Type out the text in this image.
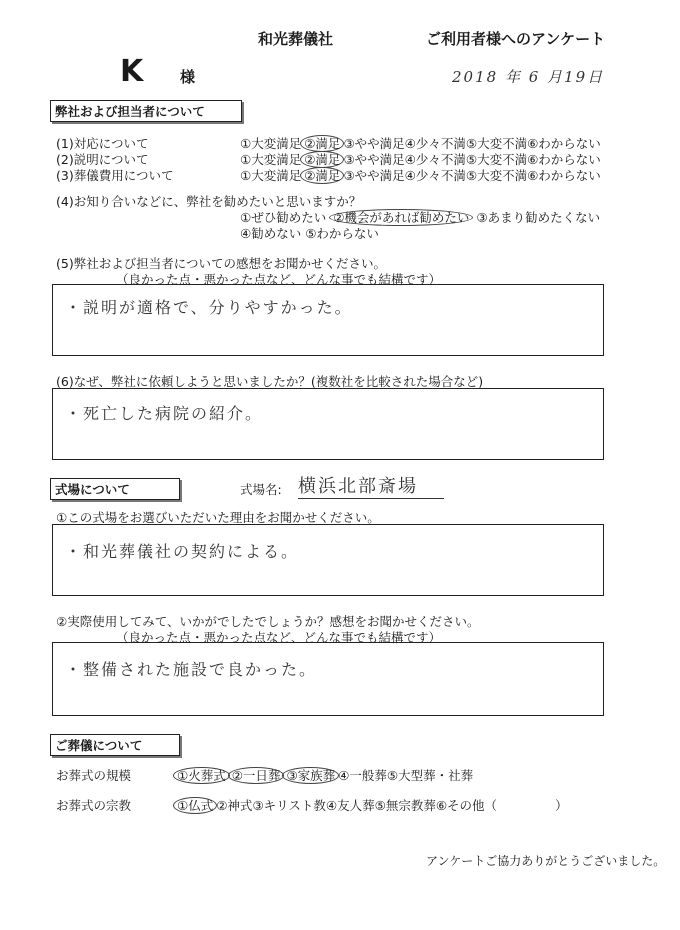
和光葬儀社	ご利用者様へのアンケート
K 様	2018 年 6 月19日
弊社および担当者について
(1)対応について	①大変満足 ②満足 ③やや満足④少々不満⑤大変不満⑥わからない
(2)説明について	①大変満足 ②満足 ③やや満足④少々不満⑤大変不満⑥わからない
(3)葬儀費用について	①大変満足 ②満足 ③やや満足④少々不満⑤大変不満⑥わからない
(4)お知り合いなどに、弊社を勧めたいと思いますか？
①ぜひ勧めたい ②機会があれば勧めたい ③あまり勧めたくない
④勧めない ⑤わからない
(5)弊社および担当者についての感想をお聞かせください。
（良かった点・悪かった点など、どんな事でも結構です）
・説明が適格で、分りやすかった。
(6)なぜ、弊社に依頼しようと思いましたか？(複数社を比較された場合など)
・死亡した病院の紹介。
式場について	式場名: 横浜北部斎場
①この式場をお選びいただいた理由をお聞かせください。
・和光葬儀社の契約による。
②実際使用してみて、いかがでしたでしょうか？感想をお聞かせください。
（良かった点・悪かった点など、どんな事でも結構です）
・整備された施設で良かった。
ご葬儀について
お葬式の規模	①火葬式 ②一日葬 ③家族葬 ④一般葬⑤大型葬・社葬
お葬式の宗教	①仏式 ②神式③キリスト教④友人葬⑤無宗教葬⑥その他（	）
アンケートご協力ありがとうございました。
